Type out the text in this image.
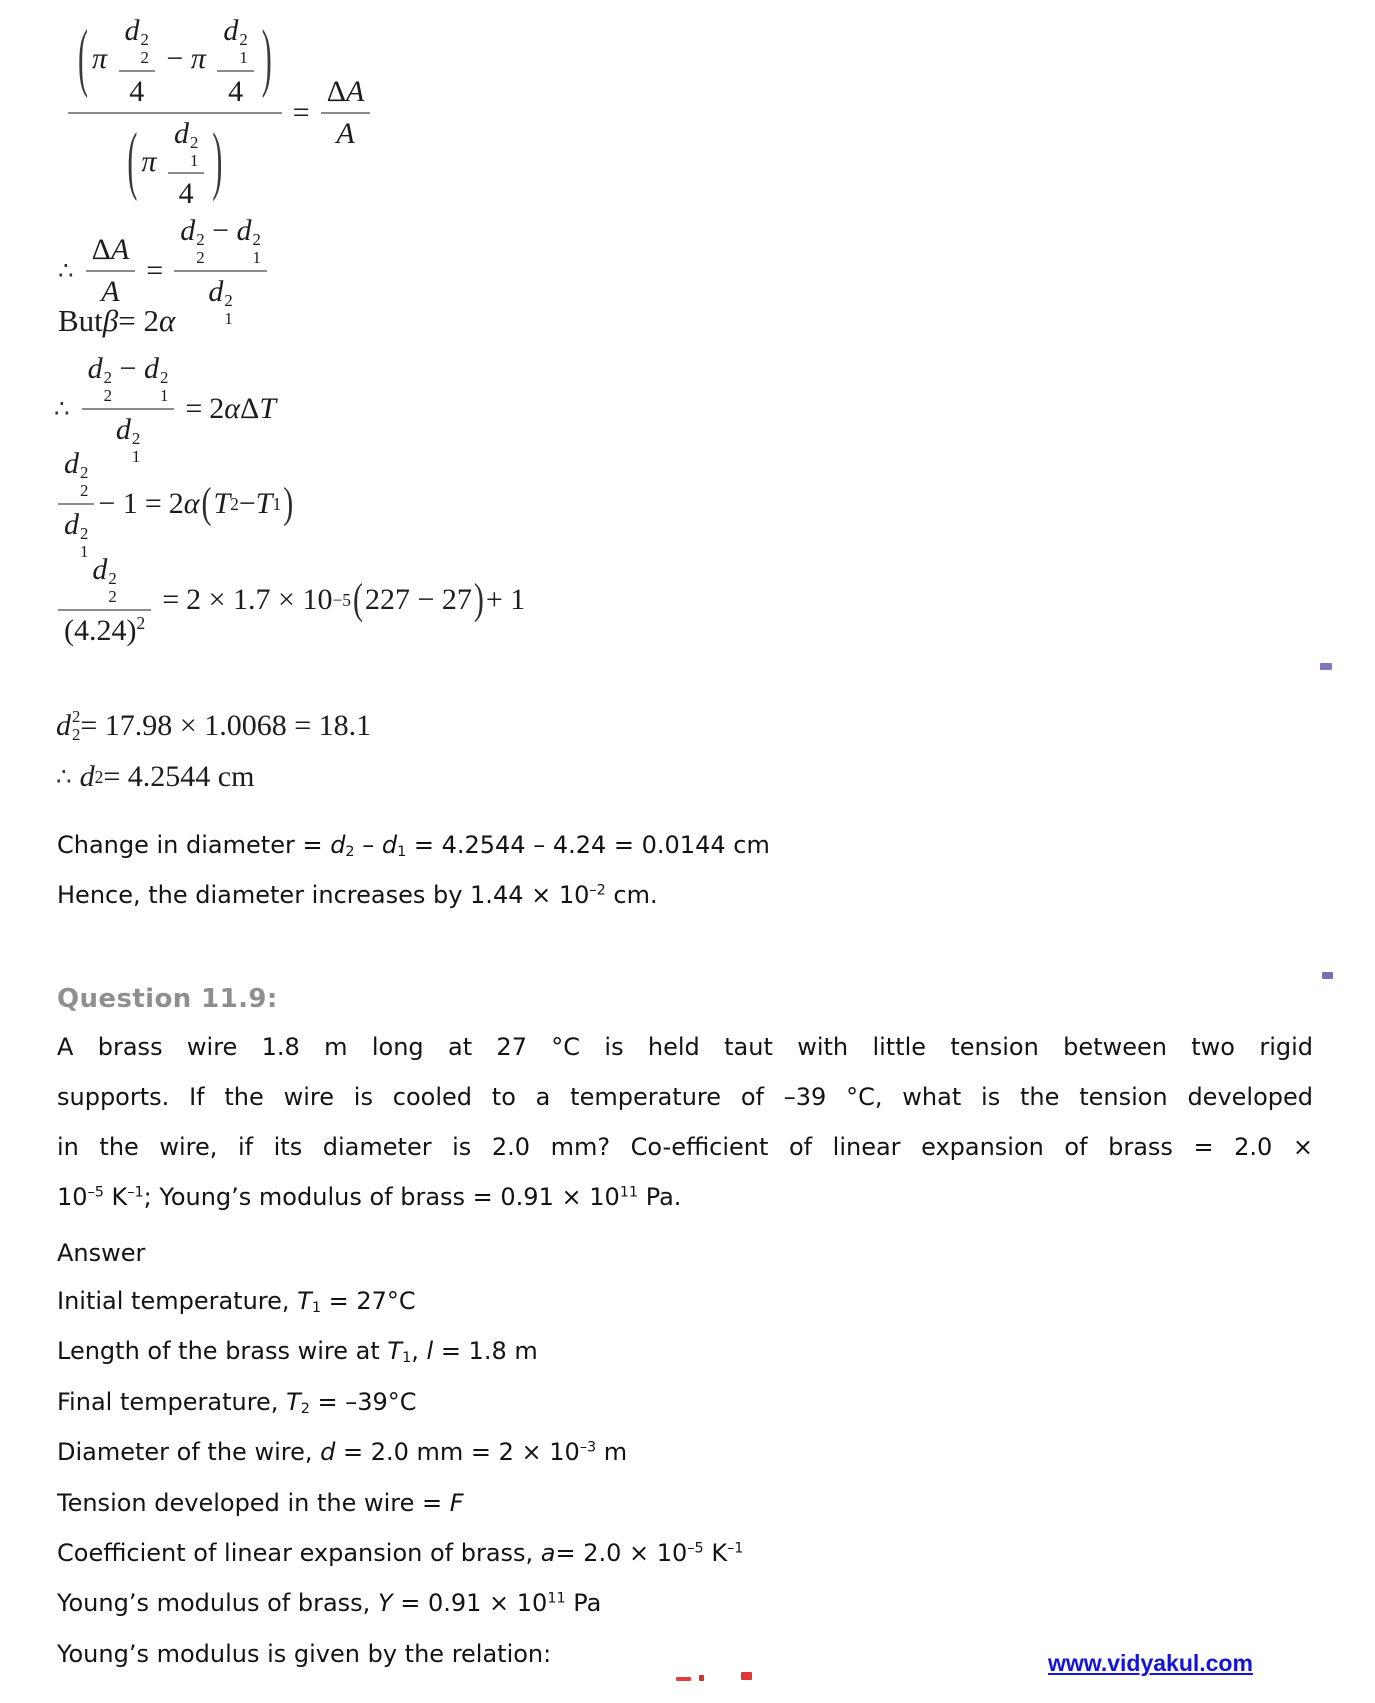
( π d 2
2
4 − π d 2
1
4 )
( π d 2
1
4 ) = $\frac{\Delta A}{A}$
∴ $\frac{\Delta A}{A} = d$ 2
2
− d 2
1
d 2
1
But β = 2 α
∴ d 2
2
− d 2
1
d 2
1 = 2 α Δ T
d 2
2
d 2
1 − 1 = 2 α ( T 2 − T 1 )
d 2
2
$(4.24)^2 = 2 \times 1.7 \times 10 -5$ ( 227 − 27 ) + 1
d 2
2 = 17.98 × 1.0068 = 18.1
∴ d 2 = 4.2544 cm
Change in diameter = $d_2 - d_1 = 4.2544 - 4.24 = 0.0144$ cm
Hence, the diameter increases by $1.44 \times 10^{-2}$ cm.
Question 11.9:
A brass wire 1.8 m long at 27 °C is held taut with little tension between two rigid
supports. If the wire is cooled to a temperature of –39 °C, what is the tension developed
in the wire, if its diameter is 2.0 mm? Co-efficient of linear expansion of brass = 2.0 ×
$10^{-5}$ $K^{-1}$; Young’s modulus of brass = $0.91 \times 10^{11}$ Pa.
Answer
Initial temperature, $T_1 = 27^\circ C$
Length of the brass wire at $T_1$, l = 1.8 m
Final temperature, $T_2 = -39^\circ C$
Diameter of the wire, d = 2.0 mm = $2 \times 10^{-3}$ m
Tension developed in the wire = F
Coefficient of linear expansion of brass, $a= 2.0 \times 10^{-5}$ $K^{-1}$
Young’s modulus of brass, $Y = 0.91 \times 10^{11}$ Pa
Young’s modulus is given by the relation:	www.vidyakul.com
